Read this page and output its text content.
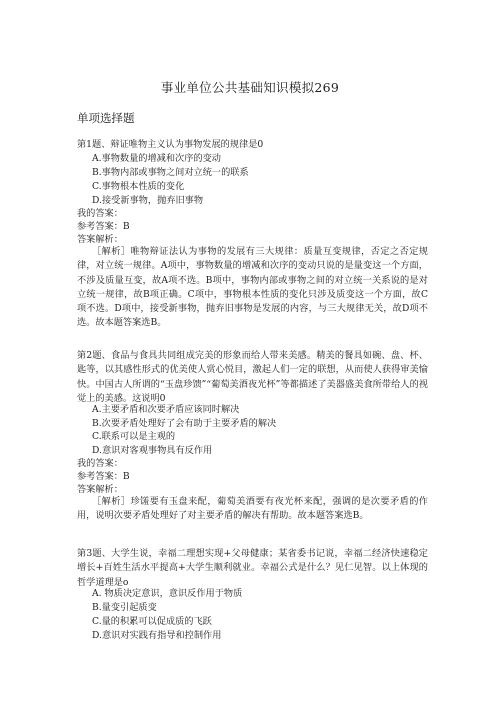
事业单位公共基础知识模拟269
单项选择题
第1题、辩证唯物主义认为事物发展的规律是0
A.事物数量的增减和次序的变动
B.事物内部或事物之间对立统一的联系
C.事物根本性质的变化
D.接受新事物，抛弃旧事物
我的答案：
参考答案：B
答案解析：
［解析］唯物辩证法认为事物的发展有三大规律：质量互变规律，否定之否定规律，对立统一规律。A项中，事物数量的增减和次序的变动只说的是量变这一个方面，不涉及质量互变，故A项不选。B项中，事物内部或事物之间的对立统一关系说的是对立统一规律，故B项正确。C项中，事物根本性质的变化只涉及质变这一个方面，故C项不选。D项中，接受新事物，抛弃旧事物是发展的内容，与三大规律无关，故D项不选。故本题答案选B。
第2题、食品与食具共同组成完美的形象而给人带来美感。精美的餐具如碗、盘、杯、匙等，以其感性形式的优美使人赏心悦目，激起人们一定的联想，从而使人获得审美愉快。中国古人所谓的“玉盘珍馈”“葡萄美酒夜光杯”等都描述了美器盛美食所带给人的视觉上的美感。这说明0
A.主要矛盾和次要矛盾应该同时解决
B.次要矛盾处理好了会有助于主要矛盾的解决
C.联系可以是主观的
D.意识对客观事物具有反作用
我的答案：
参考答案：B
答案解析：
［解析］珍馐要有玉盘来配，葡萄美酒要有夜光杯来配，强调的是次要矛盾的作用，说明次要矛盾处理好了对主要矛盾的解决有帮助。故本题答案选B。
第3题、大学生说，幸福二理想实现+父母健康；某省委书记说，幸福二经济快速稳定增长+百姓生活水平提高+大学生顺利就业。幸福公式是什么？见仁见智。以上体现的哲学道理是o
A. 物质决定意识，意识反作用于物质
B.量变引起质变
C.量的积累可以促成质的飞跃
D.意识对实践有指导和控制作用
